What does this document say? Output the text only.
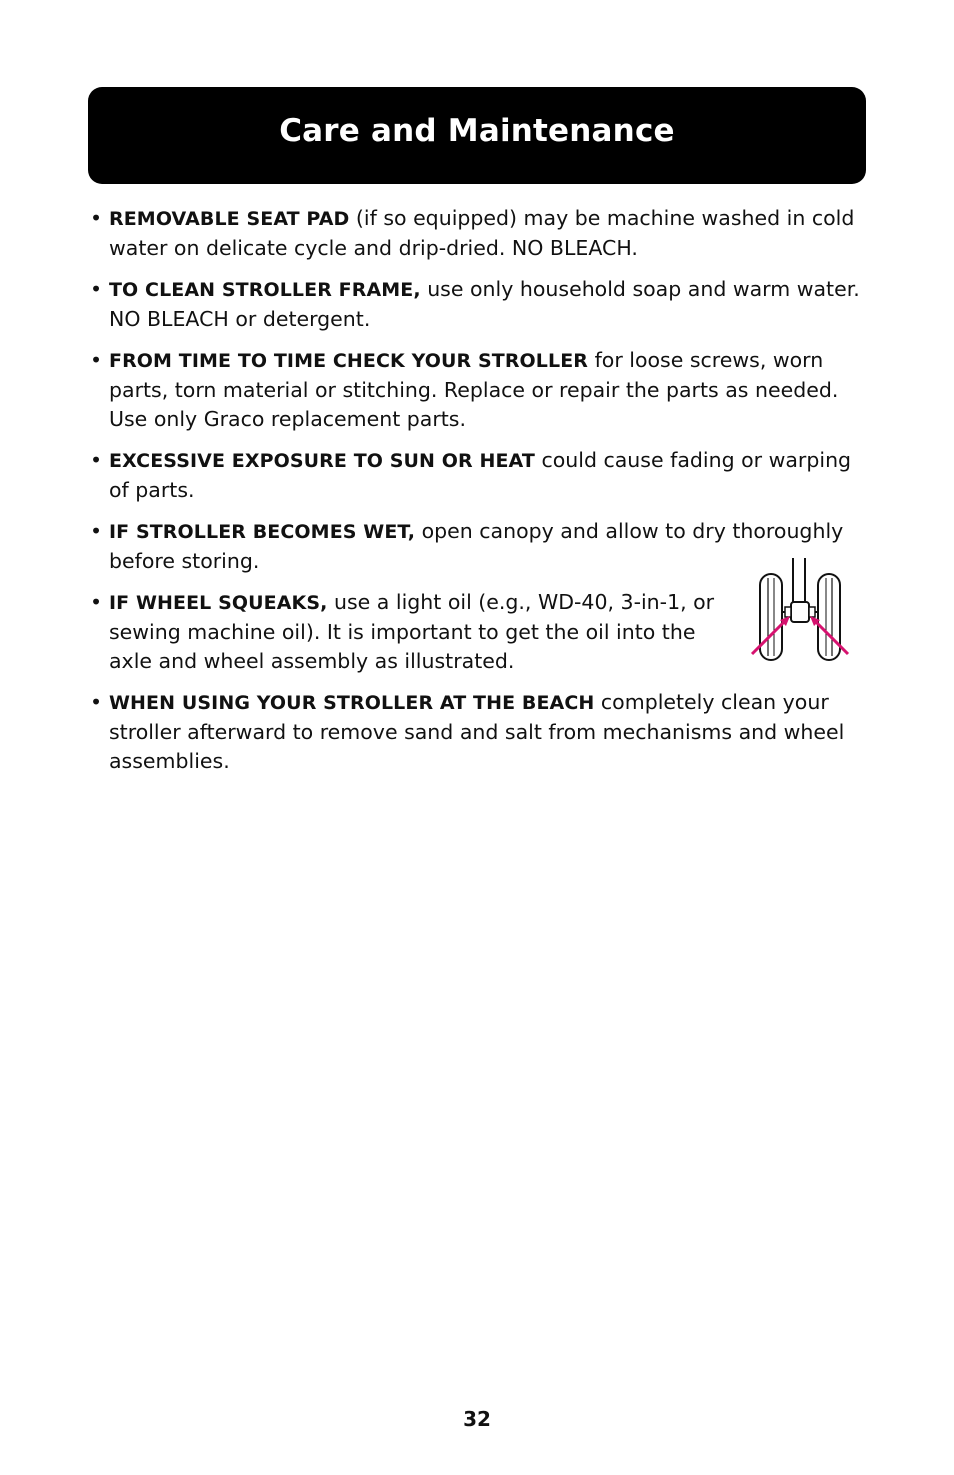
Care and Maintenance
• REMOVABLE SEAT PAD (if so equipped) may be machine washed in cold water on delicate cycle and drip-dried. NO BLEACH.
• TO CLEAN STROLLER FRAME, use only household soap and warm water. NO BLEACH or detergent.
• FROM TIME TO TIME CHECK YOUR STROLLER for loose screws, worn parts, torn material or stitching. Replace or repair the parts as needed. Use only Graco replacement parts.
• EXCESSIVE EXPOSURE TO SUN OR HEAT could cause fading or warping of parts.
• IF STROLLER BECOMES WET, open canopy and allow to dry thoroughly before storing.
• IF WHEEL SQUEAKS, use a light oil (e.g., WD-40, 3-in-1, or sewing machine oil). It is important to get the oil into the axle and wheel assembly as illustrated.
• WHEN USING YOUR STROLLER AT THE BEACH completely clean your stroller afterward to remove sand and salt from mechanisms and wheel assemblies.
32
